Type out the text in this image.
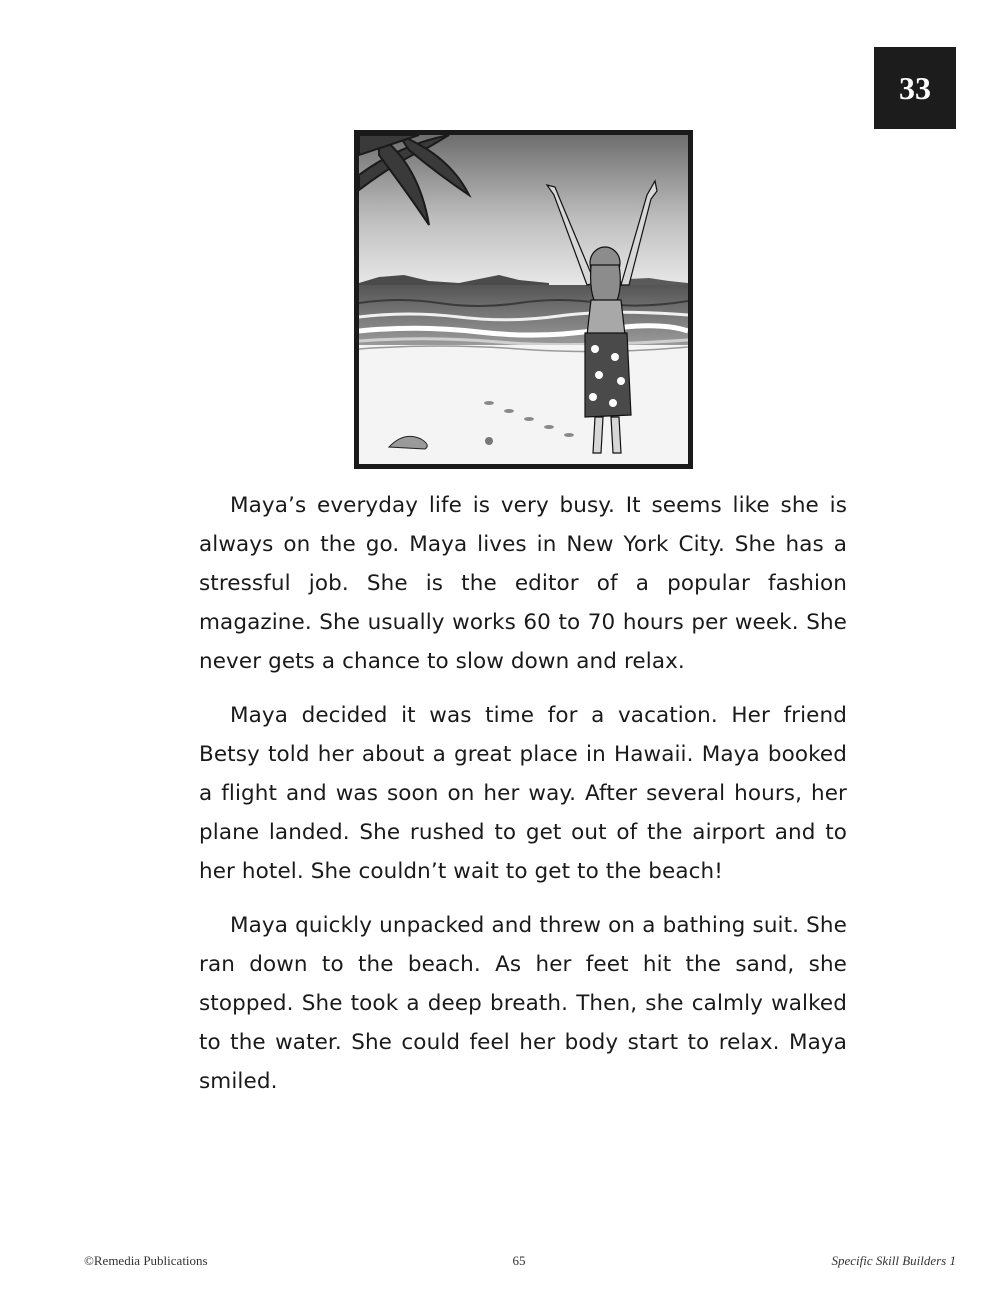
33

Maya’s everyday life is very busy. It seems like she is always on the go. Maya lives in New York City. She has a stressful job. She is the editor of a popular fashion magazine. She usually works 60 to 70 hours per week. She never gets a chance to slow down and relax.

Maya decided it was time for a vacation. Her friend Betsy told her about a great place in Hawaii. Maya booked a flight and was soon on her way. After several hours, her plane landed. She rushed to get out of the airport and to her hotel. She couldn’t wait to get to the beach!

Maya quickly unpacked and threw on a bathing suit. She ran down to the beach. As her feet hit the sand, she stopped. She took a deep breath. Then, she calmly walked to the water. She could feel her body start to relax. Maya smiled.

©Remedia Publications	65	Specific Skill Builders 1
